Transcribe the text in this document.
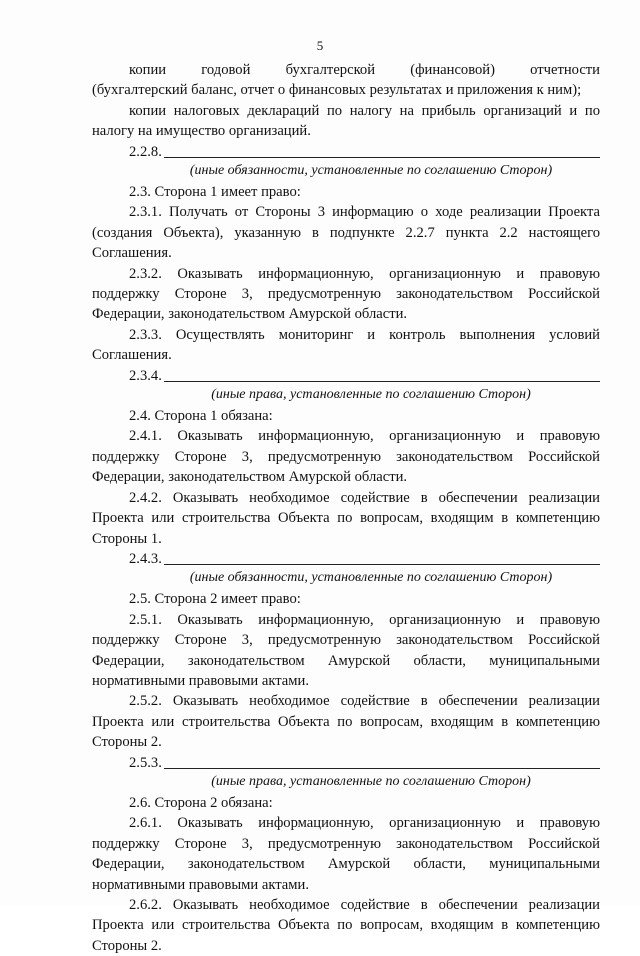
5

копии годовой бухгалтерской (финансовой) отчетности

(бухгалтерский баланс, отчет о финансовых результатах и приложения к ним);

копии налоговых деклараций по налогу на прибыль организаций и по налогу на имущество организаций.

2.2.8.

(иные обязанности, установленные по соглашению Сторон)

2.3. Сторона 1 имеет право:

2.3.1. Получать от Стороны 3 информацию о ходе реализации Проекта (создания Объекта), указанную в подпункте 2.2.7 пункта 2.2 настоящего Соглашения.

2.3.2. Оказывать информационную, организационную и правовую поддержку Стороне 3, предусмотренную законодательством Российской Федерации, законодательством Амурской области.

2.3.3. Осуществлять мониторинг и контроль выполнения условий Соглашения.

2.3.4.

(иные права, установленные по соглашению Сторон)

2.4. Сторона 1 обязана:

2.4.1. Оказывать информационную, организационную и правовую поддержку Стороне 3, предусмотренную законодательством Российской Федерации, законодательством Амурской области.

2.4.2. Оказывать необходимое содействие в обеспечении реализации Проекта или строительства Объекта по вопросам, входящим в компетенцию Стороны 1.

2.4.3.

(иные обязанности, установленные по соглашению Сторон)

2.5. Сторона 2 имеет право:

2.5.1. Оказывать информационную, организационную и правовую поддержку Стороне 3, предусмотренную законодательством Российской Федерации, законодательством Амурской области, муниципальными нормативными правовыми актами.

2.5.2. Оказывать необходимое содействие в обеспечении реализации Проекта или строительства Объекта по вопросам, входящим в компетенцию Стороны 2.

2.5.3.

(иные права, установленные по соглашению Сторон)

2.6. Сторона 2 обязана:

2.6.1. Оказывать информационную, организационную и правовую поддержку Стороне 3, предусмотренную законодательством Российской Федерации, законодательством Амурской области, муниципальными нормативными правовыми актами.

2.6.2. Оказывать необходимое содействие в обеспечении реализации Проекта или строительства Объекта по вопросам, входящим в компетенцию Стороны 2.
